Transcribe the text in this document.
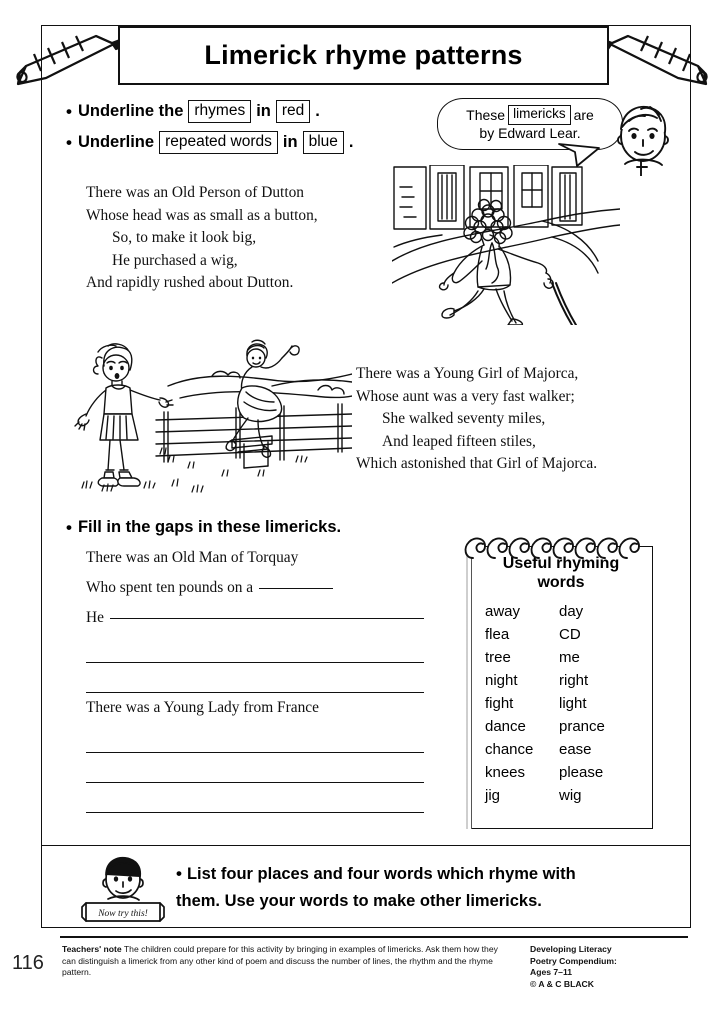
Limerick rhyme patterns
• Underline the rhymes in red .
• Underline repeated words in blue .
These limericks are
by Edward Lear.
There was an Old Person of Dutton
Whose head was as small as a button,
So, to make it look big,
He purchased a wig,
And rapidly rushed about Dutton.
• Fill in the gaps in these limericks.
There was an Old Man of Torquay
Who spent ten pounds on a
He
There was a Young Lady from France
Useful rhyming
words
away	day
flea	CD
tree	me
night	right
fight	light
dance	prance
chance	ease
knees	please
jig	wig
There was a Young Girl of Majorca,
Whose aunt was a very fast walker;
She walked seventy miles,
And leaped fifteen stiles,
Which astonished that Girl of Majorca.
Now try this!
• List four places and four words which rhyme with
them. Use your words to make other limericks.
116
Teachers' note The children could prepare for this activity by bringing in examples of limericks. Ask them how they can distinguish a limerick from any other kind of poem and discuss the number of lines, the rhythm and the rhyme pattern.
Developing Literacy
Poetry Compendium:
Ages 7–11
© A & C BLACK
